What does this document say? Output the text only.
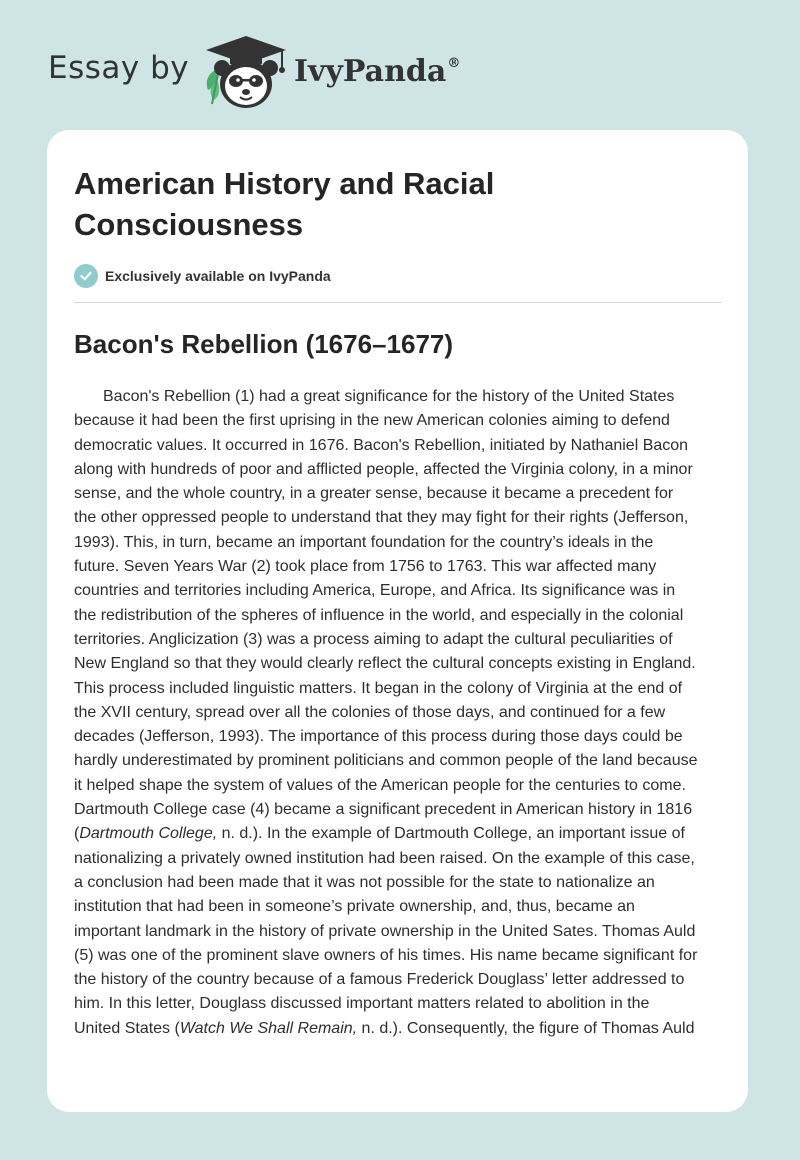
Essay by	IvyPanda®
American History and Racial
Consciousness
Exclusively available on IvyPanda
Bacon's Rebellion (1676–1677)
Bacon's Rebellion (1) had a great significance for the history of the United States
because it had been the first uprising in the new American colonies aiming to defend
democratic values. It occurred in 1676. Bacon's Rebellion, initiated by Nathaniel Bacon
along with hundreds of poor and afflicted people, affected the Virginia colony, in a minor
sense, and the whole country, in a greater sense, because it became a precedent for
the other oppressed people to understand that they may fight for their rights (Jefferson,
1993). This, in turn, became an important foundation for the country’s ideals in the
future. Seven Years War (2) took place from 1756 to 1763. This war affected many
countries and territories including America, Europe, and Africa. Its significance was in
the redistribution of the spheres of influence in the world, and especially in the colonial
territories. Anglicization (3) was a process aiming to adapt the cultural peculiarities of
New England so that they would clearly reflect the cultural concepts existing in England.
This process included linguistic matters. It began in the colony of Virginia at the end of
the XVII century, spread over all the colonies of those days, and continued for a few
decades (Jefferson, 1993). The importance of this process during those days could be
hardly underestimated by prominent politicians and common people of the land because
it helped shape the system of values of the American people for the centuries to come.
Dartmouth College case (4) became a significant precedent in American history in 1816
(Dartmouth College, n. d.). In the example of Dartmouth College, an important issue of
nationalizing a privately owned institution had been raised. On the example of this case,
a conclusion had been made that it was not possible for the state to nationalize an
institution that had been in someone’s private ownership, and, thus, became an
important landmark in the history of private ownership in the United Sates. Thomas Auld
(5) was one of the prominent slave owners of his times. His name became significant for
the history of the country because of a famous Frederick Douglass’ letter addressed to
him. In this letter, Douglass discussed important matters related to abolition in the
United States (Watch We Shall Remain, n. d.). Consequently, the figure of Thomas Auld
